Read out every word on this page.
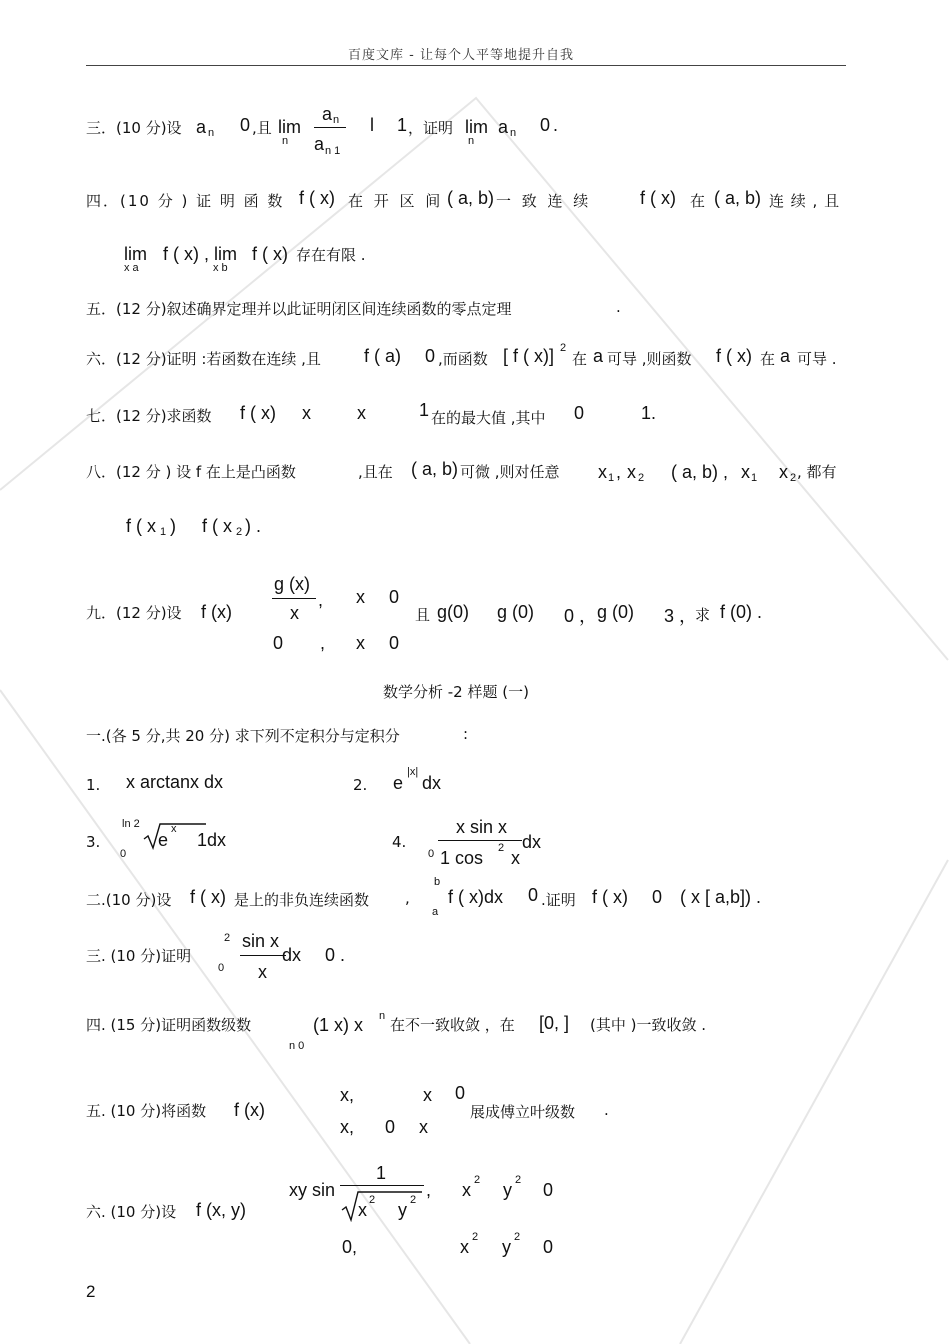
百度文库 - 让每个人平等地提升自我
三．(10 分)设 a n 0 ,且 lim
n
a n
a n 1
l 1 ，证明 lim
n
a n 0 .
四．(10 分 ) 证 明 函 数 f ( x) 在 开 区 间 ( a, b) 一 致 连 续	f ( x) 在 ( a, b) 连 续 , 且
lim
x a
f ( x) , lim
x b
f ( x) 存在有限 .
五．(12 分)叙述确界定理并以此证明闭区间连续函数的零点定理	.
六．(12 分)证明 :若函数在连续 ,且 f ( a) 0 ,而函数 [ f ( x)] 2
在 a 可导 ,则函数 f ( x) 在 a 可导 .
七．(12 分)求函数 f ( x) x	x	1 在的最大值 ,其中 0	1.
八．(12 分 ) 设 f 在上是凸函数	,且在 ( a, b) 可微 ,则对任意 x 1 , x 2 ( a, b) , x 1 x 2 , 都有
f ( x 1 ) f ( x 2 ) .
九．(12 分)设 f (x)
g (x)
x
, x 0
0 , x 0
且 g(0) g (0) 0 ， g (0) 3 ，
求 f (0) .
数学分析 -2 样题 (一)
一.(各 5 分,共 20 分) 求下列不定积分与定积分	:
1. x arctanx dx	2. e
|x|
dx
3.
ln 2
0
e
x
1dx	4.
0
x sin x
1 cos 2 x
dx
二.(10 分)设 f ( x) 是上的非负连续函数 ,
b
a
f ( x)dx 0 .证明 f ( x) 0 ( x [ a,b]) .
三. (10 分)证明
2
0
sin x
x
dx 0 .
四. (15 分)证明函数级数
n 0
(1 x) x n 在不一致收敛 ，在 [0, ] (其中 )一致收敛 .
五. (10 分)将函数 f (x)
x,	x 0
x, 0 x
展成傅立叶级数 .
六. (10 分)设 f (x, y)
xy sin
1
x 2 y 2 , x 2 y 2 0
0,	x 2 y 2 0
2
